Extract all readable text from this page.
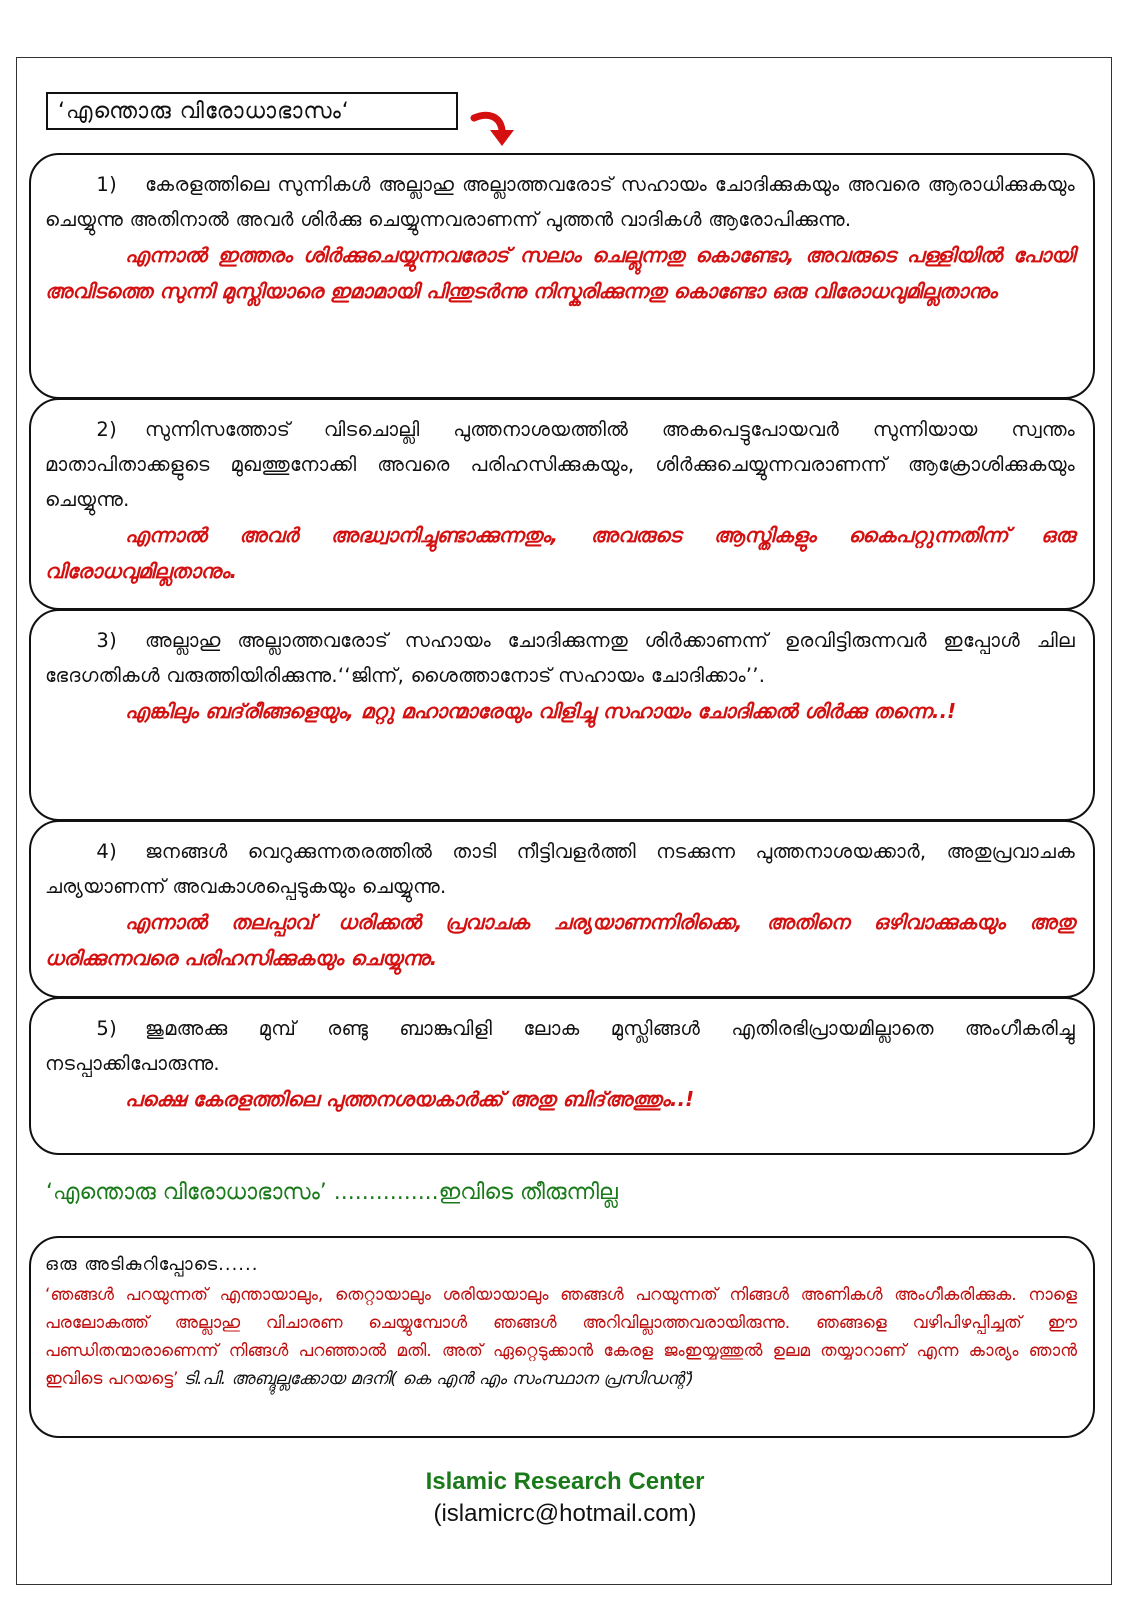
‘എന്തൊരു വിരോധാഭാസം‘

1) കേരളത്തിലെ സുന്നികൾ അല്ലാഹു അല്ലാത്തവരോട് സഹായം ചോദിക്കുകയും അവരെ ആരാധിക്കുകയും ചെയ്യുന്നു അതിനാൽ അവർ ശിർക്കു ചെയ്യുന്നവരാണന്ന് പുത്തൻ വാദികൾ ആരോപിക്കുന്നു.

എന്നാൽ ഇത്തരം ശിർക്കുചെയ്യുന്നവരോട് സലാം ചെല്ലുന്നതു കൊണ്ടോ, അവരുടെ പള്ളിയിൽ പോയി അവിടത്തെ സുന്നി മുസ്ലിയാരെ ഇമാമായി പിന്തുടർന്നു നിസ്കരിക്കുന്നതു കൊണ്ടോ ഒരു വിരോധവുമില്ലതാനും

2) സുന്നിസത്തോട് വിടചൊല്ലി പുത്തനാശയത്തിൽ അകപെട്ടുപോയവർ സുന്നിയായ സ്വന്തം മാതാപിതാക്കളുടെ മുഖത്തുനോക്കി അവരെ പരിഹസിക്കുകയും, ശിർക്കുചെയ്യുന്നവരാണന്ന് ആക്രോശിക്കുകയും ചെയ്യുന്നു.

എന്നാൽ അവർ അദ്ധ്വാനിച്ചുണ്ടാക്കുന്നതും, അവരുടെ ആസ്തികളും കൈപറ്റുന്നതിന്ന് ഒരു വിരോധവുമില്ലതാനും.

3) അല്ലാഹു അല്ലാത്തവരോട് സഹായം ചോദിക്കുന്നതു ശിർക്കാണന്ന് ഉരവിട്ടിരുന്നവർ ഇപ്പോൾ ചില ഭേദഗതികൾ വരുത്തിയിരിക്കുന്നു.‘‘ജിന്ന്, ശൈത്താനോട് സഹായം ചോദിക്കാം’’.

എങ്കിലും ബദ്‌രീങ്ങളെയും, മറ്റു മഹാന്മാരേയും വിളിച്ചു സഹായം ചോദിക്കൽ ശിർക്കു തന്നെ..!

4) ജനങ്ങൾ വെറുക്കുന്നതരത്തിൽ താടി നീട്ടിവളർത്തി നടക്കുന്ന പുത്തനാശയക്കാർ, അതുപ്രവാചക ചര്യയാണന്ന് അവകാശപ്പെടുകയും ചെയ്യുന്നു.

എന്നാൽ തലപ്പാവ് ധരിക്കൽ പ്രവാചക ചര്യയാണന്നിരിക്കെ, അതിനെ ഒഴിവാക്കുകയും അതു ധരിക്കുന്നവരെ പരിഹസിക്കുകയും ചെയ്യുന്നു.

5) ജുമഅക്കു മുമ്പ് രണ്ടു ബാങ്കുവിളി ലോക മുസ്ലിങ്ങൾ എതിരഭിപ്രായമില്ലാതെ അംഗീകരിച്ചു നടപ്പാക്കിപോരുന്നു.

പക്ഷെ കേരളത്തിലെ പുത്തനശയകാർക്ക് അതു ബിദ്‌അത്തും..!

‘എന്തൊരു വിരോധാഭാസം’ ...............ഇവിടെ തീരുന്നില്ല

ഒരു അടികുറിപ്പോടെ......

‘ഞങ്ങൾ പറയുന്നത് എന്തായാലും, തെറ്റായാലും ശരിയായാലും ഞങ്ങൾ പറയുന്നത് നിങ്ങൾ അണികൾ അംഗീകരിക്കുക. നാളെ പരലോകത്ത് അല്ലാഹു വിചാരണ ചെയ്യുമ്പോൾ ഞങ്ങൾ അറിവില്ലാത്തവരായിരുന്നു. ഞങ്ങളെ വഴിപിഴപ്പിച്ചത് ഈ പണ്ഡിതന്മാരാണെന്ന് നിങ്ങൾ പറഞ്ഞാൽ മതി. അത് ഏറ്റെടുക്കാൻ കേരള ജംഇയ്യത്തുൽ ഉലമ തയ്യാറാണ് എന്ന കാര്യം ഞാൻ ഇവിടെ പറയട്ടെ’ ടി.പി. അബ്ദുല്ലക്കോയ മദനി( കെ എൻ എം സംസ്ഥാന പ്രസിഡന്റ്)

Islamic Research Center
(islamicrc@hotmail.com)
